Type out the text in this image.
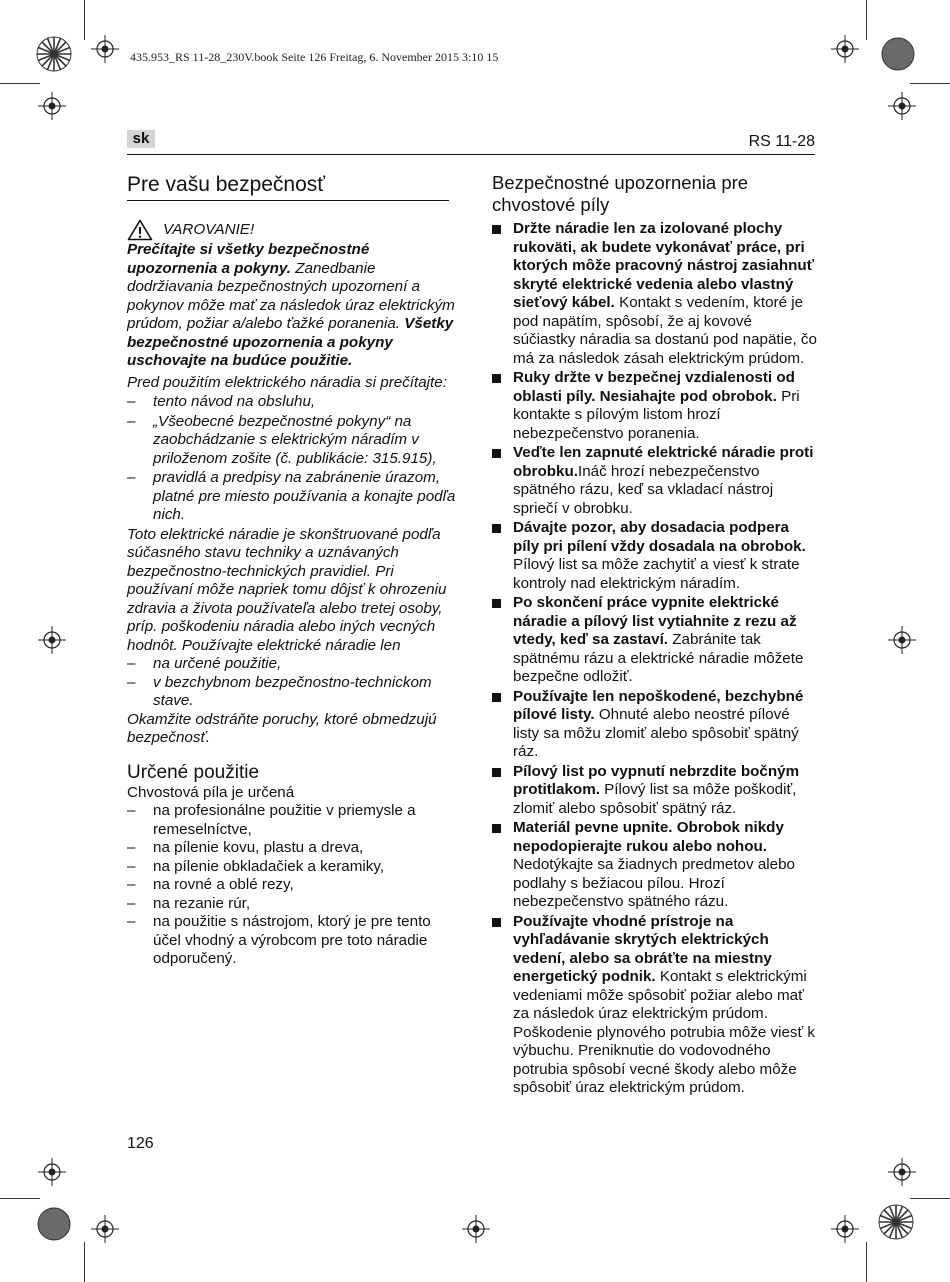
435.953_RS 11-28_230V.book Seite 126 Freitag, 6. November 2015 3:10 15
sk	RS 11-28
Pre vašu bezpečnosť
VAROVANIE!

Prečítajte si všetky bezpečnostné upozornenia a pokyny. Zanedbanie dodržiavania bezpečnostných upozornení a pokynov môže mať za následok úraz elektrickým prúdom, požiar a/alebo ťažké poranenia. Všetky bezpečnostné upozornenia a pokyny uschovajte na budúce použitie.

Pred použitím elektrického náradia si prečítajte:

– tento návod na obsluhu,
– „Všeobecné bezpečnostné pokyny“ na zaobchádzanie s elektrickým náradím v priloženom zošite (č. publikácie: 315.915),
– pravidlá a predpisy na zabránenie úrazom, platné pre miesto používania a konajte podľa nich.

Toto elektrické náradie je skonštruované podľa súčasného stavu techniky a uznávaných bezpečnostno-technických pravidiel. Pri používaní môže napriek tomu dôjsť k ohrozeniu zdravia a života používateľa alebo tretej osoby, príp. poškodeniu náradia alebo iných vecných hodnôt. Používajte elektrické náradie len

– na určené použitie,
– v bezchybnom bezpečnostno-technickom stave.

Okamžite odstráňte poruchy, ktoré obmedzujú bezpečnosť.

Určené použitie

Chvostová píla je určená

– na profesionálne použitie v priemysle a remeselníctve,
– na pílenie kovu, plastu a dreva,
– na pílenie obkladačiek a keramiky,
– na rovné a oblé rezy,
– na rezanie rúr,
– na použitie s nástrojom, ktorý je pre tento účel vhodný a výrobcom pre toto náradie odporučený.
Bezpečnostné upozornenia pre chvostové píly
Držte náradie len za izolované plochy rukoväti, ak budete vykonávať práce, pri ktorých môže pracovný nástroj zasiahnuť skryté elektrické vedenia alebo vlastný sieťový kábel. Kontakt s vedením, ktoré je pod napätím, spôsobí, že aj kovové súčiastky náradia sa dostanú pod napätie, čo má za následok zásah elektrickým prúdom.
Ruky držte v bezpečnej vzdialenosti od oblasti píly. Nesiahajte pod obrobok. Pri kontakte s pílovým listom hrozí nebezpečenstvo poranenia.
Veďte len zapnuté elektrické náradie proti obrobku.Ináč hrozí nebezpečenstvo spätného rázu, keď sa vkladací nástroj spriečí v obrobku.
Dávajte pozor, aby dosadacia podpera píly pri pílení vždy dosadala na obrobok. Pílový list sa môže zachytiť a viesť k strate kontroly nad elektrickým náradím.
Po skončení práce vypnite elektrické náradie a pílový list vytiahnite z rezu až vtedy, keď sa zastaví. Zabránite tak spätnému rázu a elektrické náradie môžete bezpečne odložiť.
Používajte len nepoškodené, bezchybné pílové listy. Ohnuté alebo neostré pílové listy sa môžu zlomiť alebo spôsobiť spätný ráz.
Pílový list po vypnutí nebrzdite bočným protitlakom. Pílový list sa môže poškodiť, zlomiť alebo spôsobiť spätný ráz.
Materiál pevne upnite. Obrobok nikdy nepodopierajte rukou alebo nohou. Nedotýkajte sa žiadnych predmetov alebo podlahy s bežiacou pílou. Hrozí nebezpečenstvo spätného rázu.
Používajte vhodné prístroje na vyhľadávanie skrytých elektrických vedení, alebo sa obráťte na miestny energetický podnik. Kontakt s elektrickými vedeniami môže spôsobiť požiar alebo mať za následok úraz elektrickým prúdom. Poškodenie plynového potrubia môže viesť k výbuchu. Preniknutie do vodovodného potrubia spôsobí vecné škody alebo môže spôsobiť úraz elektrickým prúdom.
126
